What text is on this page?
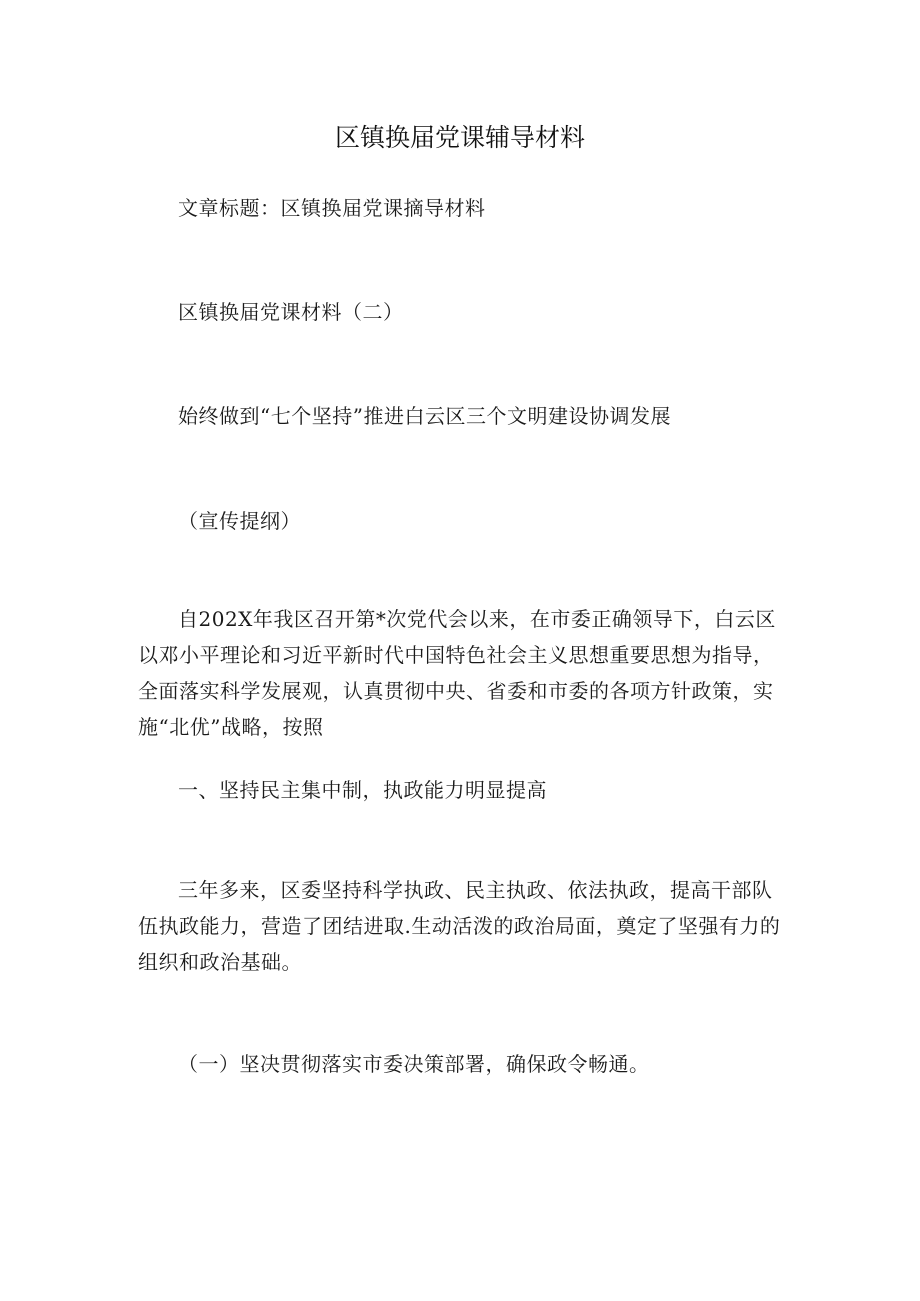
区镇换届党课辅导材料
文章标题：区镇换届党课摘导材料
区镇换届党课材料（二）
始终做到“七个坚持”推进白云区三个文明建设协调发展
（宣传提纲）
自202X年我区召开第*次党代会以来，在市委正确领导下，白云区以邓小平理论和习近平新时代中国特色社会主义思想重要思想为指导，全面落实科学发展观，认真贯彻中央、省委和市委的各项方针政策，实施“北优”战略，按照
一、坚持民主集中制，执政能力明显提高
三年多来，区委坚持科学执政、民主执政、依法执政，提高干部队伍执政能力，营造了团结进取.生动活泼的政治局面，奠定了坚强有力的组织和政治基础。
（一）坚决贯彻落实市委决策部署，确保政令畅通。
